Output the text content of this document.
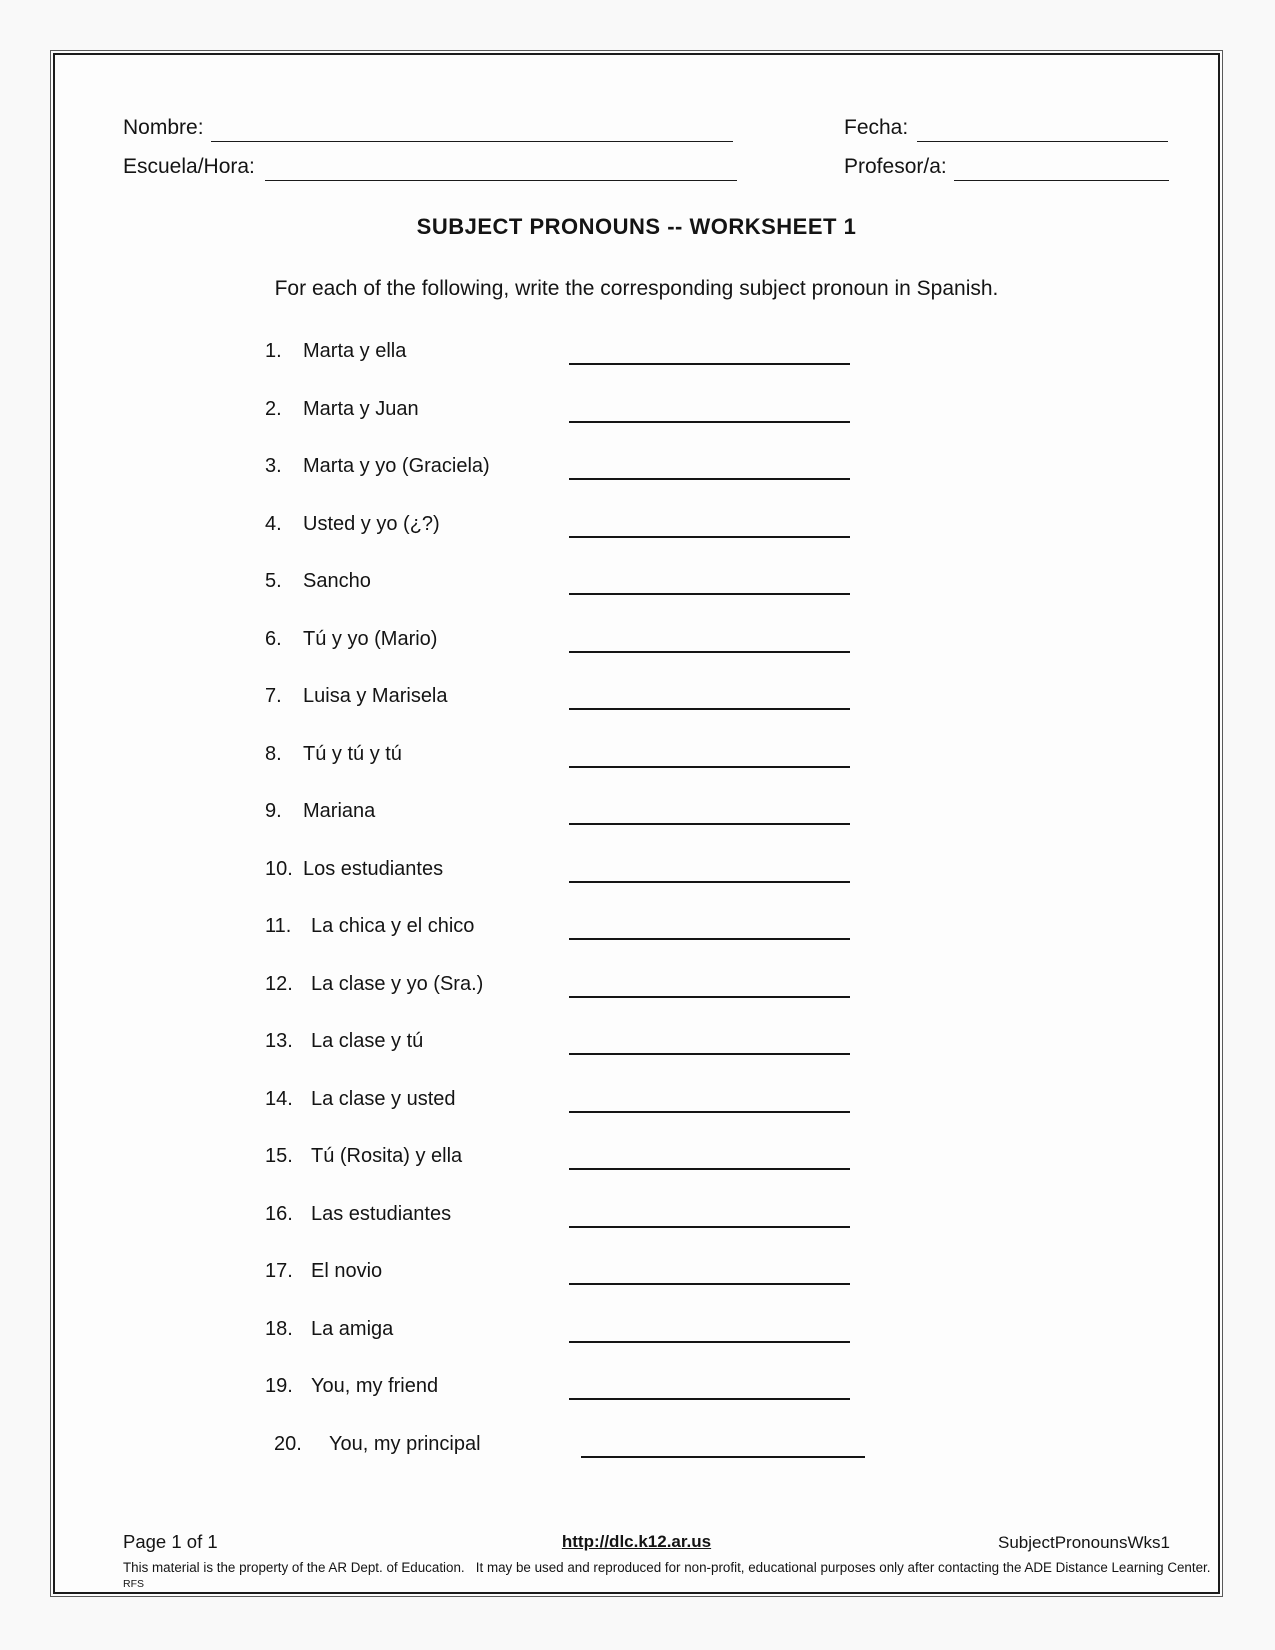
Nombre:	Fecha:
Escuela/Hora:	Profesor/a:
SUBJECT PRONOUNS -- WORKSHEET 1
For each of the following, write the corresponding subject pronoun in Spanish.
1. Marta y ella
2. Marta y Juan
3. Marta y yo (Graciela)
4. Usted y yo (¿?)
5. Sancho
6. Tú y yo (Mario)
7. Luisa y Marisela
8. Tú y tú y tú
9. Mariana
10. Los estudiantes
11. La chica y el chico
12. La clase y yo (Sra.)
13. La clase y tú
14. La clase y usted
15. Tú (Rosita) y ella
16. Las estudiantes
17. El novio
18. La amiga
19. You, my friend
20. You, my principal
Page 1 of 1	http://dlc.k12.ar.us	SubjectPronounsWks1
This material is the property of the AR Dept. of Education.   It may be used and reproduced for non-profit, educational purposes only after contacting the ADE Distance Learning Center. RFS
